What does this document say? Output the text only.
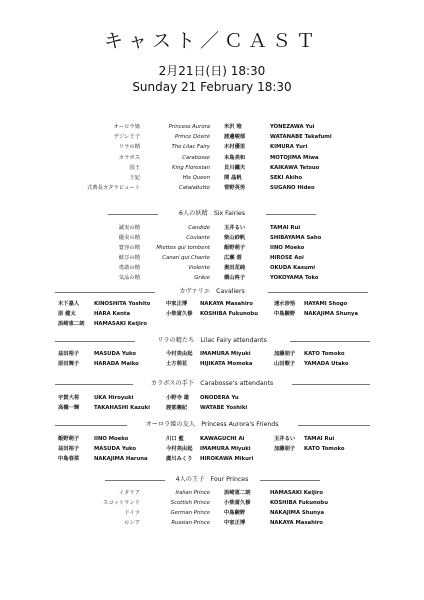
キャスト／ＣＡＳＴ
2月21日(日) 18:30
Sunday 21 February 18:30
オーロラ姫	Princess Aurora	米沢 唯	YONEZAWA Yui
デジレ王子	Prince Désiré	渡邊峻郁	WATANABE Takafumi
リラの精	The Lilac Fairy	木村優里	KIMURA Yuri
カラボス	Carabosse	本島美和	MOTOJIMA Miwa
国王	King Florestan	貝川鐵夫	KAIKAWA Tetsuo
王妃	His Queen	関 晶帆	SEKI Akiho
式典長カタラビュート	Catalabutte	菅野英男	SUGANO Hideo
6人の妖精　Six Fairies
誠実の精	Candide	玉井るい	TAMAI Rui
優美の精	Coulante	柴山紗帆	SHIBAYAMA Saho
寛容の精	Miettes qui tombent	飯野萌子	IINO Moeko
歓びの精	Canari qui Chante	広瀬 碧	HIROSE Aoi
勇敢の精	Violente	奥田花純	OKUDA Kasumi
気品の精	Grâce	横山柊子	YOKOYAMA Toko
カヴァリエ　Cavaliers
木下嘉人	KINOSHITA Yoshito	中家正博 NAKAYA Masahiro	速水渉悟 HAYAMI Shogo
原 健太	HARA Kenta	小柴富久修 KOSHIBA Fukunobu	中島駿野 NAKAJIMA Shunya
浜崎恵二朗 HAMASAKI Keijiro
リラの精たち　Lilac Fairy attendants
益田裕子	MASUDA Yuko	今村美由起 IMAMURA Miyuki	加藤朋子 KATO Tomoko
原田舞子	HARADA Maiko	土方萌花 HIJIKATA Momoka	山田歌子 YAMADA Utako
カラボスの手下　Carabosse's attendants
宇賀大将	UKA Hiroyuki	小野寺 雄 ONODERA Yu
高橋一輝	TAKAHASHI Kazuki	渡部義紀 WATABE Yoshiki
オーロラ姫の友人　Princess Aurora's Friends
飯野萌子	IINO Moeko	川口 藍	KAWAGUCHI Ai	玉井るい TAMAI Rui
益田裕子	MASUDA Yuko	今村美由起 IMAMURA Miyuki	加藤朋子 KATO Tomoko
中島春菜	NAKAJIMA Haruna	廣川みくり HIROKAWA Mikuri
4人の王子　Four Princes
イタリア	Italian Prince	浜崎恵二朗	HAMASAKI Keijiro
スコットランド	Scottish Prince	小柴富久修	KOSHIBA Fukunobu
ドイツ	German Prince	中島駿野	NAKAJIMA Shunya
ロシア	Russian Prince	中家正博	NAKAYA Masahiro
